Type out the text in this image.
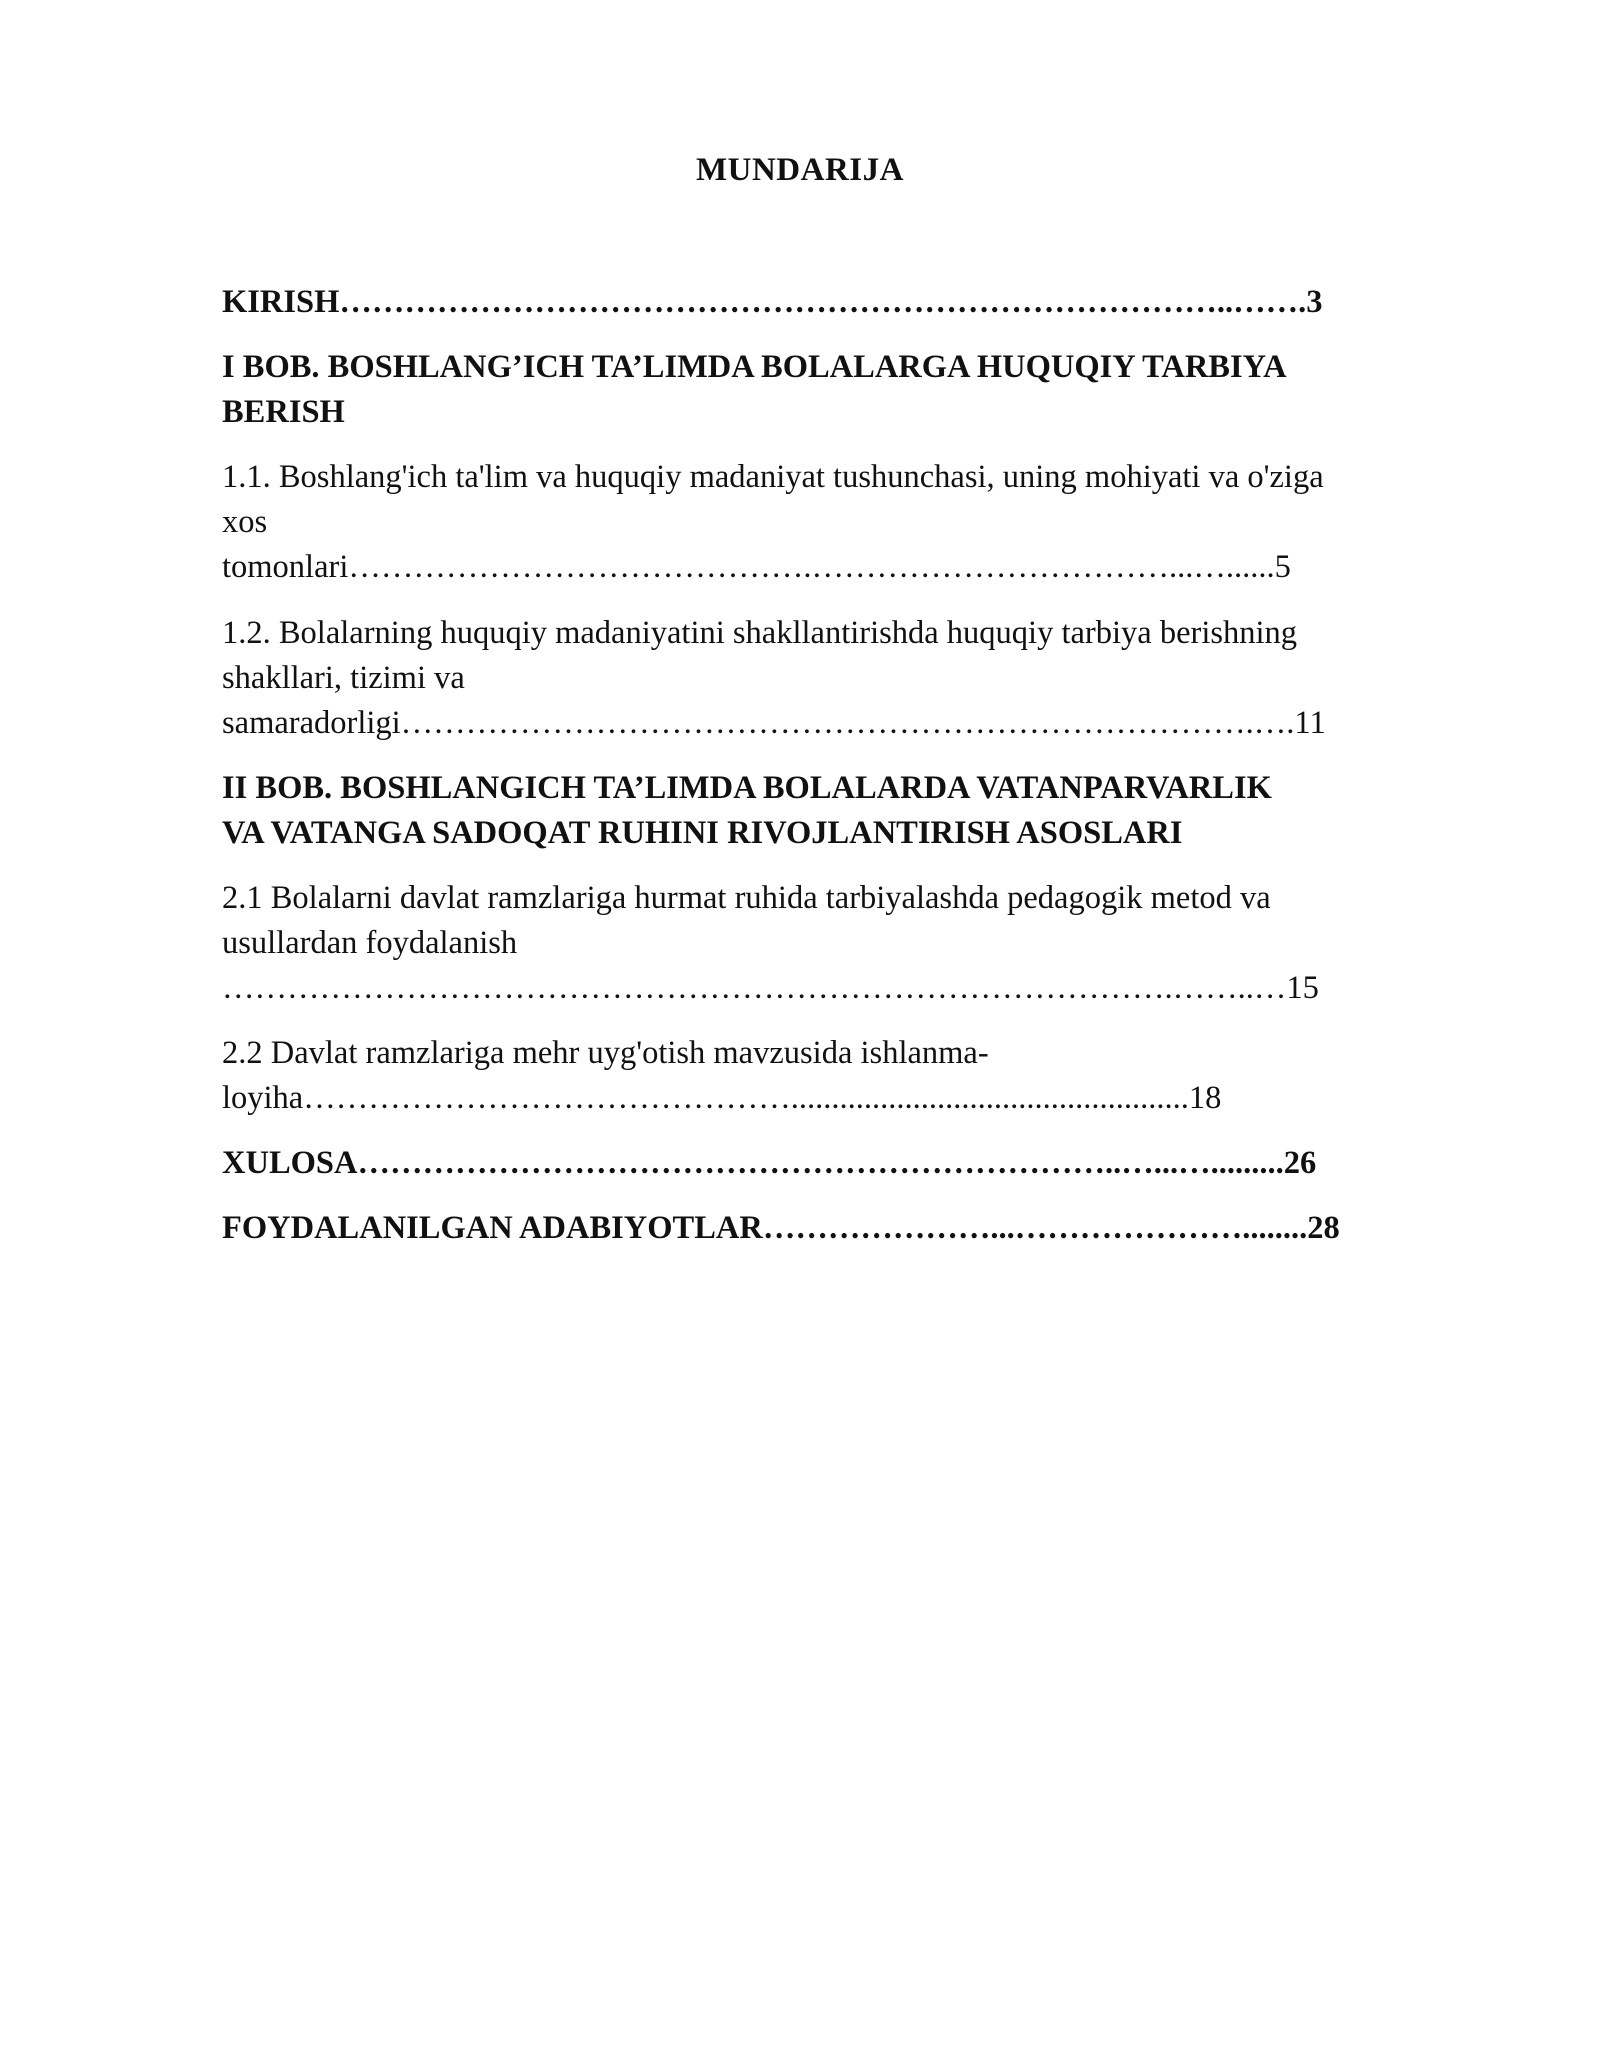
MUNDARIJA
KIRISH………………………………………………………………………..…….3
I BOB. BOSHLANG’ICH TA’LIMDA BOLALARGA HUQUQIY TARBIYA
BERISH
1.1. Boshlang'ich ta'lim va huquqiy madaniyat tushunchasi, uning mohiyati va o'ziga
xos
tomonlari…………………………………….……………………………...…......5
1.2. Bolalarning huquqiy madaniyatini shakllantirishda huquqiy tarbiya berishning
shakllari, tizimi va
samaradorligi…………………………………………………………………….….11
II BOB. BOSHLANGICH TA’LIMDA BOLALARDA VATANPARVARLIK
VA VATANGA SADOQAT RUHINI RIVOJLANTIRISH ASOSLARI
2.1 Bolalarni davlat ramzlariga hurmat ruhida tarbiyalashda pedagogik metod va
usullardan foydalanish
…………………………………………………………………………….……..…15
2.2 Davlat ramzlariga mehr uyg'otish mavzusida ishlanma-
loyiha……………………………………….................................................18
XULOSA……………………………………………………………..…...….........26
FOYDALANILGAN ADABIYOTLAR…………………...…………………........28
